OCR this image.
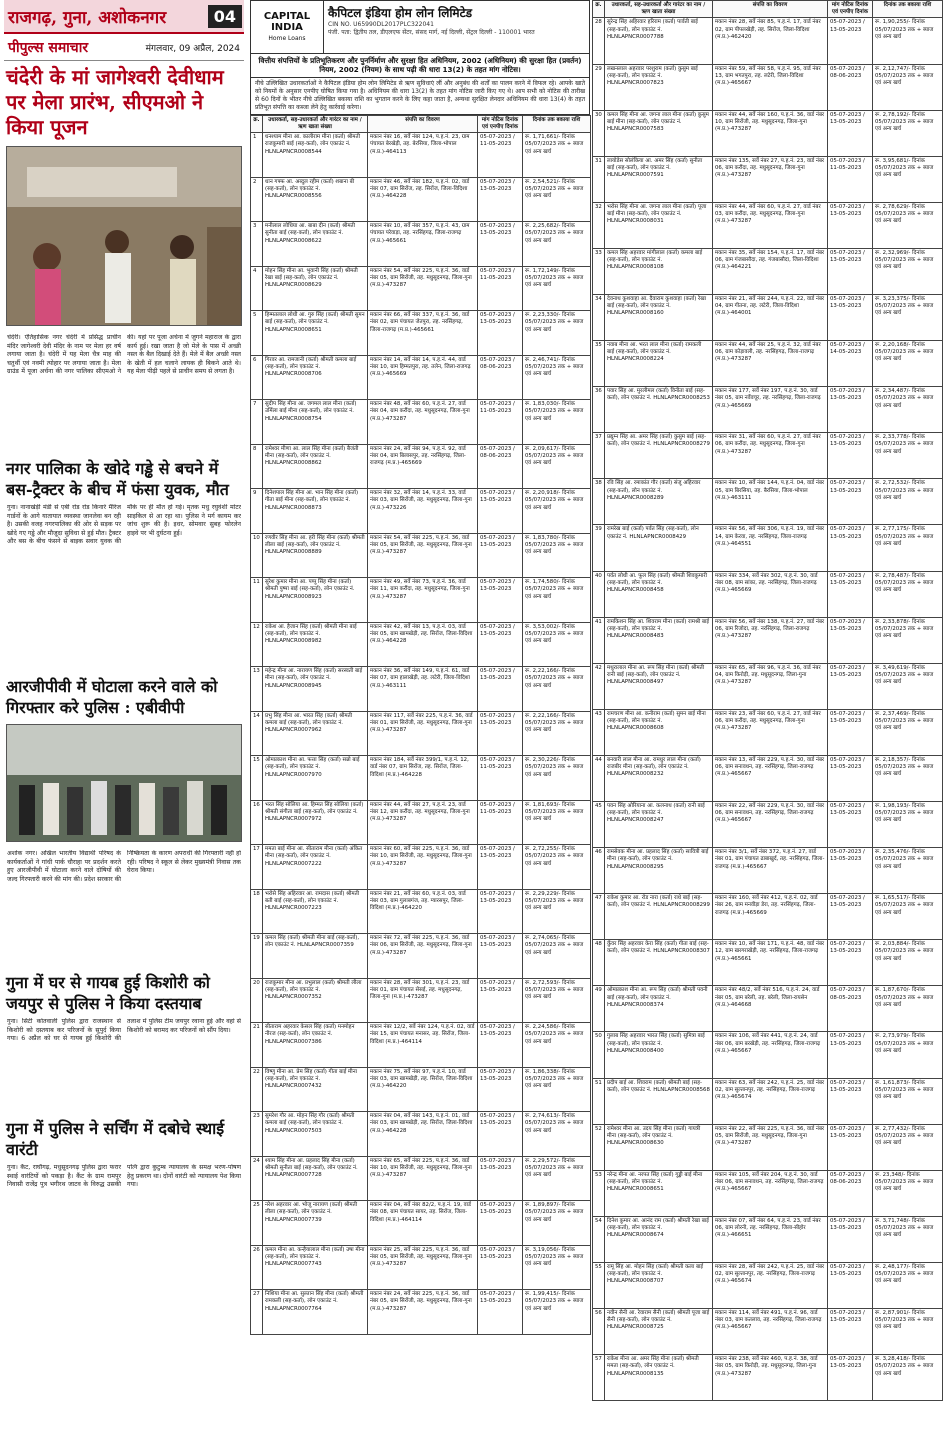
राजगढ़, गुना, अशोकनगर	04
पीपुल्स समाचार	मंगलवार, 09 अप्रैल, 2024
चंदेरी के मां जागेश्वरी देवीधाम पर मेला प्रारंभ, सीएमओ ने किया पूजन
चंदेरी। ऐतिहासिक नगर चंदेरी में प्रसिद्ध प्राचीन मंदिर जागेश्वरी देवी मंदिर के नाम पर मेला हर वर्ष लगाया जाता है। चंदेरी में यह मेला चैत्र माह की चतुर्थी एवं नवमी त्योहार पर लगाया जाता है। मेला ग्राउंड में पूजा अर्चना की नगर पालिका सीएमओ ने की। यहां पर पूजा अर्चना में जुगने महाराज के द्वारा कार्य हुई। रखा जाता है जो मेले के पास में अच्छी नस्ल के बैल दिखाई देते हैं। मेले में बैल अच्छी नस्ल के खेती में हल चलाने लायक ही बिकने आते थे। यह मेला पीढ़ी पहले से प्राचीन समय से लगता है।
नगर पालिका के खोदे गड्ढे से बचने में बस-ट्रैक्टर के बीच में फंसा युवक, मौत
गुना। नानाखेड़ी मंडी से एबी रोड रोड किनारे मैरिज गार्डनों के आगे यातायात व्यवस्था जानलेवा बन रही है। उसकी वजह नगरपालिका की ओर से सड़क पर खोदे गए गड्ढे और मौजूदा सुविधा से हुई मौत। ट्रैक्टर और बस के बीच फंसने से बाइक सवार युवक की मौके पर ही मौत हो गई। मृतक मधु रघुवंशी मोटर साइकिल से आ रहा था। पुलिस ने मर्ग कायम कर जांच शुरू की है। इधर, सोमवार सुबह फोरलेन हाइवे पर भी दुर्घटना हुई।
आरजीपीवी में घोटाला करने वाले को गिरफ्तार करे पुलिस : एबीवीपी
अशोक नगर। अखिल भारतीय विद्यार्थी परिषद के कार्यकर्ताओं ने गांधी पार्क चौराहा पर प्रदर्शन करते हुए आरजीपीवी में घोटाला करने वाले दोषियों की जल्द गिरफ्तारी करने की मांग की। प्रदेश सरकार की निष्क्रियता के कारण अपराधी की गिरफ्तारी नहीं हो रही। परिषद ने स्कूल से लेकर मुख्यमंत्री निवास तक घेराव किया।
गुना में घर से गायब हुई किशोरी को जयपुर से पुलिस ने किया दस्तयाब
गुना। सिटी कोतवाली पुलिस द्वारा राजस्थान से किशोरी को दस्तयाब कर परिजनों के सुपुर्द किया गया। 6 अप्रैल को घर से गायब हुई किशोरी की तलाश में पुलिस टीम जयपुर रवाना हुई और वहां से किशोरी को बरामद कर परिजनों को सौंप दिया।
गुना में पुलिस ने सर्चिंग में दबोचे स्थाई वारंटी
गुना। कैंट, राघौगढ़, मधुसूदनगढ़ पुलिस द्वारा फरार स्थाई वारंटियों को पकड़ा है। कैंट के ग्राम रामपुर निवासी राजेंद्र पुत्र भगीरथ जाटव के विरुद्ध उसकी पत्नि द्वारा कुटुम्ब न्यायालय के समक्ष भरण-पोषण हेतु प्रकरण था। दोनों वारंटी को न्यायालय पेश किया गया।
CAPITAL INDIA
Home Loans
कैपिटल इंडिया होम लोन लिमिटेड
CIN NO. U65990DL2017PLC322041
पंजी. पता: द्वितीय तल, डीएलएफ सेंटर, संसद मार्ग, नई दिल्ली, सेंट्रल दिल्ली - 110001 भारत
वित्तीय संपत्तियों के प्रतिभूतिकरण और पुनर्निर्माण और सुरक्षा हित अधिनियम, 2002 (अधिनियम) की सुरक्षा हित (प्रवर्तन) नियम, 2002 (नियम) के साथ पढ़ी की धारा 13(2) के तहत मांग नोटिस।
नीचे उल्लिखित उधारकर्ताओं ने कैपिटल इंडिया होम लोन लिमिटेड से ऋण सुविधाएं लीं और अनुबंध की शर्तों का पालन करने में विफल रहे। आपके खाते को नियमों के अनुसार एनपीए घोषित किया गया है। अधिनियम की धारा 13(2) के तहत मांग नोटिस जारी किए गए थे। आप सभी को नोटिस की तारीख से 60 दिनों के भीतर नीचे उल्लिखित बकाया राशि का भुगतान करने के लिए कहा जाता है, अन्यथा सुरक्षित लेनदार अधिनियम की धारा 13(4) के तहत प्रतिभूत संपत्ति का कब्जा लेने हेतु कार्रवाई करेगा।
क्र.	उधारकर्ता, सह-उधारकर्ता और गारंटर का नाम / ऋण खाता संख्या	संपत्ति का विवरण	मांग नोटिस दिनांक एवं एनपीए दिनांक	दिनांक तक बकाया राशि
1	धनश्याम मीना आ. कालीराम मीना (कर्ता) श्रीमती राजकुमारी बाई (सह-कर्ता), लोन एकाउंट नं. HLNLAPNCR0008544	मकान नंबर 16, सर्वे नंबर 124, प.ह.नं. 23, ग्राम पंचायत बेरखेड़ी, तह. बेरसिया, जिला-भोपाल (म.प्र.)-464113	05-07-2023 / 11-05-2023	रू. 1,71,661/- दिनांक 05/07/2023 तक + ब्याज एवं अन्य खर्च
2	धान गफ्फ आ. अब्दुल रहीम (कर्ता) शबाना बी (सह-कर्ता), लोन एकाउंट नं. HLNLAPNCR0008556	मकान नंबर 46, सर्वे नंबर 182, प.ह.नं. 02, वार्ड नंबर 07, ग्राम सिरोंज, तह. सिरोंज, जिला-विदिशा (म.प्र.)-464228	05-07-2023 / 13-05-2023	रू. 2,54,521/- दिनांक 05/07/2023 तक + ब्याज एवं अन्य खर्च
3	मनीलाल लोधिया आ. बाबा दीन (कर्ता) श्रीमती सुनीता बाई (सह-कर्ता), लोन एकाउंट नं. HLNLAPNCR0008622	मकान नंबर 10, सर्वे नंबर 357, प.ह.नं. 43, ग्राम पंचायत परेवाड़ा, तह. नरसिंहगढ़, जिला-राजगढ़ (म.प्र.)-465661	05-07-2023 / 13-05-2023	रू. 2,25,682/- दिनांक 05/07/2023 तक + ब्याज एवं अन्य खर्च
4	मोहन सिंह मीना आ. भुवानी सिंह (कर्ता) श्रीमती रेखा बाई (सह-कर्ता), लोन एकाउंट नं. HLNLAPNCR0008629	मकान नंबर 54, सर्वे नंबर 225, प.ह.नं. 36, वार्ड नंबर 05, ग्राम सिरोंजी, तह. मधुसूदनगढ़, जिला-गुना (म.प्र.)-473287	05-07-2023 / 11-05-2023	रू. 1,72,149/- दिनांक 05/07/2023 तक + ब्याज एवं अन्य खर्च
5	हिम्मतलाल लोधी आ. गुरु सिंह (कर्ता) श्रीमती सुमन बाई (सह-कर्ता), लोन एकाउंट नं. HLNLAPNCR0008651	मकान नंबर 66, सर्वे नंबर 337, प.ह.नं. 36, वार्ड नंबर 02, ग्राम पंचायत जेतपुरा, तह. नरसिंहगढ़, जिला-राजगढ़ (म.प्र.)-465661	05-07-2023 / 13-05-2023	रू. 2,23,330/- दिनांक 05/07/2023 तक + ब्याज एवं अन्य खर्च
6	गिरवर आ. रामजानी (कर्ता) श्रीमती कमला बाई (सह-कर्ता), लोन एकाउंट नं. HLNLAPNCR0008706	मकान नंबर 14, सर्वे नंबर 14, प.ह.नं. 44, वार्ड नंबर 10, ग्राम हिम्मतपुरा, तह. तलेन, जिला-राजगढ़ (म.प्र.)-465669	05-07-2023 / 08-06-2023	रू. 2,46,741/- दिनांक 05/07/2023 तक + ब्याज एवं अन्य खर्च
7	सुदीप सिंह मीना आ. जगमल लाल मीना (कर्ता) उर्मिला बाई मीना (सह-कर्ता), लोन एकाउंट नं. HLNLAPNCR0008754	मकान नंबर 48, सर्वे नंबर 60, प.ह.नं. 27, वार्ड नंबर 04, ग्राम करौंदा, तह. मधुसूदनगढ़, जिला-गुना (म.प्र.)-473287	05-07-2023 / 11-05-2023	रू. 1,83,030/- दिनांक 05/07/2023 तक + ब्याज एवं अन्य खर्च
8	रामेश्वर मीणा आ. लाल सिंह मीना (कर्ता) बैजंती मीना (सह-कर्ता), लोन एकाउंट नं. HLNLAPNCR0008862	मकान नंबर 24, सर्वे नंबर 94, प.ह.नं. 92, वार्ड नंबर 04, ग्राम बिलासपुर, तह. नरसिंहगढ़, जिला-राजगढ़ (म.प्र.)-465669	05-07-2023 / 08-06-2023	रू. 2,09,617/- दिनांक 05/07/2023 तक + ब्याज एवं अन्य खर्च
9	दिनेशपाल सिंह मीना आ. भान सिंह मीना (कर्ता) गीता बाई मीना (सह-कर्ता), लोन एकाउंट नं. HLNLAPNCR0008873	मकान नंबर 32, सर्वे नंबर 14, प.ह.नं. 33, वार्ड नंबर 03, ग्राम सिरोंजी, तह. मधुसूदनगढ़, जिला-गुना (म.प्र.)-473226	05-07-2023 / 13-05-2023	रू. 2,20,918/- दिनांक 05/07/2023 तक + ब्याज एवं अन्य खर्च
10	रणवीर सिंह मीना आ. हरी सिंह मीना (कर्ता) श्रीमती लीला बाई (सह-कर्ता), लोन एकाउंट नं. HLNLAPNCR0008889	मकान नंबर 54, सर्वे नंबर 225, प.ह.नं. 36, वार्ड नंबर 05, ग्राम सिरोंजी, तह. मधुसूदनगढ़, जिला-गुना (म.प्र.)-473287	05-07-2023 / 13-05-2023	रू. 1,83,780/- दिनांक 05/07/2023 तक + ब्याज एवं अन्य खर्च
11	सुरेश कुमार मीना आ. पप्पू सिंह मीना (कर्ता) श्रीमती पुष्पा बाई (सह-कर्ता), लोन एकाउंट नं. HLNLAPNCR0008923	मकान नंबर 49, सर्वे नंबर 73, प.ह.नं. 36, वार्ड नंबर 11, ग्राम करौंदा, तह. मधुसूदनगढ़, जिला-गुना (म.प्र.)-473287	05-07-2023 / 13-05-2023	रू. 1,74,580/- दिनांक 05/07/2023 तक + ब्याज एवं अन्य खर्च
12	राकेश आ. हैजान सिंह (कर्ता) श्रीमती मीना बाई (सह-कर्ता), लोन एकाउंट नं. HLNLAPNCR0008982	मकान नंबर 42, सर्वे नंबर 13, प.ह.नं. 03, वार्ड नंबर 05, ग्राम खामखेड़ी, तह. सिरोंज, जिला-विदिशा (म.प्र.)-464228	05-07-2023 / 13-05-2023	रू. 3,53,002/- दिनांक 05/07/2023 तक + ब्याज एवं अन्य खर्च
13	महेन्द्र मीना आ. नारायण सिंह (कर्ता) सरस्वती बाई मीना (सह-कर्ता), लोन एकाउंट नं. HLNLAPNCR0008945	मकान नंबर 36, सर्वे नंबर 149, प.ह.नं. 61, वार्ड नंबर 07, ग्राम हालाखेड़ी, तह. लटेरी, जिला-विदिशा (म.प्र.)-463111	05-07-2023 / 13-05-2023	रू. 2,22,166/- दिनांक 05/07/2023 तक + ब्याज एवं अन्य खर्च
14	प्रभु सिंह मीना आ. भारत सिंह (कर्ता) श्रीमती कमला बाई (सह-कर्ता), लोन एकाउंट नं. HLNLAPNCR0007962	मकान नंबर 117, सर्वे नंबर 225, प.ह.नं. 36, वार्ड नंबर 01, ग्राम सिरोंजी, तह. मधुसूदनगढ़, जिला-गुना (म.प्र.)-473287	05-07-2023 / 13-05-2023	रू. 2,22,166/- दिनांक 05/07/2023 तक + ब्याज एवं अन्य खर्च
15	ओमप्रकाश मीना आ. फत्ता सिंह (कर्ता) सन्नो बाई (सह-कर्ता), लोन एकाउंट नं. HLNLAPNCR0007970	मकान नंबर 184, सर्वे नंबर 399/1, प.ह.नं. 12, वार्ड नंबर 07, ग्राम सिरोंज, तह. सिरोंज, जिला-विदिशा (म.प्र.)-464228	05-07-2023 / 11-05-2023	रू. 2,30,226/- दिनांक 05/07/2023 तक + ब्याज एवं अन्य खर्च
16	भरत सिंह सोलिया आ. हिम्मत सिंह सोलिया (कर्ता) श्रीमती संगीता बाई (सह-कर्ता), लोन एकाउंट नं. HLNLAPNCR0007972	मकान नंबर 44, सर्वे नंबर 27, प.ह.नं. 23, वार्ड नंबर 12, ग्राम करौंदा, तह. मधुसूदनगढ़, जिला-गुना (म.प्र.)-473287	05-07-2023 / 11-05-2023	रू. 1,81,693/- दिनांक 05/07/2023 तक + ब्याज एवं अन्य खर्च
17	ममता बाई मीना आ. सीताराम मीना (कर्ता) अंकित मीना (सह-कर्ता), लोन एकाउंट नं. HLNLAPNCR0007222	मकान नंबर 60, सर्वे नंबर 225, प.ह.नं. 36, वार्ड नंबर 10, ग्राम सिरोंजी, तह. मधुसूदनगढ़, जिला-गुना (म.प्र.)-473287	05-07-2023 / 13-05-2023	रू. 2,72,255/- दिनांक 05/07/2023 तक + ब्याज एवं अन्य खर्च
18	भरोसे सिंह अहिरवार आ. रामदास (कर्ता) श्रीमती बती बाई (सह-कर्ता), लोन एकाउंट नं. HLNLAPNCR0007223	मकान नंबर 21, सर्वे नंबर 60, प.ह.नं. 03, वार्ड नंबर 03, ग्राम गुलाबगंज, तह. ग्यारसपुर, जिला-विदिशा (म.प्र.)-464220	05-07-2023 / 13-05-2023	रू. 2,29,229/- दिनांक 05/07/2023 तक + ब्याज एवं अन्य खर्च
19	कमल सिंह (कर्ता) श्रीमती मीना बाई (सह-कर्ता), लोन एकाउंट नं. HLNLAPNCR0007359	मकान नंबर 72, सर्वे नंबर 225, प.ह.नं. 36, वार्ड नंबर 06, ग्राम सिरोंजी, तह. मधुसूदनगढ़, जिला-गुना (म.प्र.)-473287	05-07-2023 / 13-05-2023	रू. 2,74,065/- दिनांक 05/07/2023 तक + ब्याज एवं अन्य खर्च
20	राजकुमार मीना आ. प्रभुलाल (कर्ता) श्रीमती लीला (सह-कर्ता), लोन एकाउंट नं. HLNLAPNCR0007352	मकान नंबर 28, सर्वे नंबर 301, प.ह.नं. 23, वार्ड नंबर 01, ग्राम पंचायत सेसई, तह. मधुसूदनगढ़, जिला-गुना (म.प्र.)-473287	05-07-2023 / 13-05-2023	रू. 2,72,593/- दिनांक 05/07/2023 तक + ब्याज एवं अन्य खर्च
21	सीताराम अहरवार केसल सिंह (कर्ता) मनमोहन नीरज (सह-कर्ता), लोन एकाउंट नं. HLNLAPNCR0007386	मकान नंबर 12/2, सर्वे नंबर 124, प.ह.नं. 02, वार्ड नंबर 15, ग्राम पंचायत मनासर, तह. सिरोंज, जिला-विदिशा (म.प्र.)-464114	05-07-2023 / 13-05-2023	रू. 2,24,586/- दिनांक 05/07/2023 तक + ब्याज एवं अन्य खर्च
22	विष्णु मीना आ. प्रेम सिंह (कर्ता) गीता बाई मीना (सह-कर्ता), लोन एकाउंट नं. HLNLAPNCR0007432	मकान नंबर 75, सर्वे नंबर 97, प.ह.नं. 10, वार्ड नंबर 03, ग्राम खामखेड़ी, तह. सिरोंज, जिला-विदिशा (म.प्र.)-464220	05-07-2023 / 13-05-2023	रू. 1,86,338/- दिनांक 05/07/2023 तक + ब्याज एवं अन्य खर्च
23	सुमरेश गौर आ. मोहन सिंह गौर (कर्ता) श्रीमती कमला बाई (सह-कर्ता), लोन एकाउंट नं. HLNLAPNCR0007503	मकान नंबर 04, सर्वे नंबर 143, प.ह.नं. 01, वार्ड नंबर 03, ग्राम खामखेड़ी, तह. सिरोंज, जिला-विदिशा (म.प्र.)-464228	05-07-2023 / 13-05-2023	रू. 2,74,613/- दिनांक 05/07/2023 तक + ब्याज एवं अन्य खर्च
24	श्याम सिंह मीना आ. प्रहलाद सिंह मीना (कर्ता) श्रीमती सुनीता बाई (सह-कर्ता), लोन एकाउंट नं. HLNLAPNCR0007728	मकान नंबर 65, सर्वे नंबर 225, प.ह.नं. 36, वार्ड नंबर 10, ग्राम सिरोंजी, तह. मधुसूदनगढ़, जिला-गुना (म.प्र.)-473287	05-07-2023 / 13-05-2023	रू. 2,29,572/- दिनांक 05/07/2023 तक + ब्याज एवं अन्य खर्च
25	नरेश अहरवार आ. भोजू नारायण (कर्ता) श्रीमती लीला (सह-कर्ता), लोन एकाउंट नं. HLNLAPNCR0007739	मकान नंबर 04, सर्वे नंबर 82/2, प.ह.नं. 19, वार्ड नंबर 08, ग्राम पंचायत सायर, तह. सिरोंज, जिला-विदिशा (म.प्र.)-464114	05-07-2023 / 13-05-2023	रू. 1,89,897/- दिनांक 05/07/2023 तक + ब्याज एवं अन्य खर्च
26	कमल मीना आ. कन्हैयालाल मीना (कर्ता) उषा मीना (सह-कर्ता), लोन एकाउंट नं. HLNLAPNCR0007743	मकान नंबर 25, सर्वे नंबर 225, प.ह.नं. 36, वार्ड नंबर 05, ग्राम सिरोंजी, तह. मधुसूदनगढ़, जिला-गुना (म.प्र.)-473287	05-07-2023 / 13-05-2023	रू. 3,19,056/- दिनांक 05/07/2023 तक + ब्याज एवं अन्य खर्च
27	निशिया मीना आ. सुल्तान सिंह मीना (कर्ता) श्रीमती रामकली (सह-कर्ता), लोन एकाउंट नं. HLNLAPNCR0007764	मकान नंबर 24, सर्वे नंबर 225, प.ह.नं. 36, वार्ड नंबर 05, ग्राम सिरोंजी, तह. मधुसूदनगढ़, जिला-गुना (म.प्र.)-473287	05-07-2023 / 13-05-2023	रू. 1,99,415/- दिनांक 05/07/2023 तक + ब्याज एवं अन्य खर्च
क्र.	उधारकर्ता, सह-उधारकर्ता और गारंटर का नाम / ऋण खाता संख्या	संपत्ति का विवरण	मांग नोटिस दिनांक एवं एनपीए दिनांक	दिनांक तक बकाया राशि
28	सुरेन्द्र सिंह अहिरवार हरिराम (कर्ता) पार्वती बाई (सह-कर्ता), लोन एकाउंट नं. HLNLAPNCR0007788	मकान नंबर 28, सर्वे नंबर 85, प.ह.नं. 17, वार्ड नंबर 02, ग्राम पीपलखेड़ी, तह. सिरोंज, जिला-विदिशा (म.प्र.)-462420	05-07-2023 / 13-05-2023	रू. 1,90,255/- दिनांक 05/07/2023 तक + ब्याज एवं अन्य खर्च
29	लखनलाल अहरवार परशुराम (कर्ता) कुसुम बाई (सह-कर्ता), लोन एकाउंट नं. HLNLAPNCR0007823	मकान नंबर 59, सर्वे नंबर 58, प.ह.नं. 95, वार्ड नंबर 13, ग्राम भगतपुरा, तह. लटेरी, जिला-विदिशा (म.प्र.)-465667	05-07-2023 / 08-06-2023	रू. 2,12,747/- दिनांक 05/07/2023 तक + ब्याज एवं अन्य खर्च
30	कमल सिंह मीना आ. जगना लाल मीना (कर्ता) कुसुम बाई मीना (सह-कर्ता), लोन एकाउंट नं. HLNLAPNCR0007583	मकान नंबर 44, सर्वे नंबर 160, प.ह.नं. 36, वार्ड नंबर 10, ग्राम सिरोंजी, तह. मधुसूदनगढ़, जिला-गुना (म.प्र.)-473287	05-07-2023 / 13-05-2023	रू. 2,78,192/- दिनांक 05/07/2023 तक + ब्याज एवं अन्य खर्च
31	लायोडेस सोलंकिया आ. अमर सिंह (कर्ता) सुनीता बाई (सह-कर्ता), लोन एकाउंट नं. HLNLAPNCR0007591	मकान नंबर 135, सर्वे नंबर 27, प.ह.नं. 23, वार्ड नंबर 06, ग्राम करौंदा, तह. मधुसूदनगढ़, जिला-गुना (म.प्र.)-473287	05-07-2023 / 11-05-2023	रू. 3,95,681/- दिनांक 05/07/2023 तक + ब्याज एवं अन्य खर्च
32	भरोस सिंह मीना आ. जगना लाल मीना (कर्ता) पूजा बाई मीना (सह-कर्ता), लोन एकाउंट नं. HLNLAPNCR0008031	मकान नंबर 44, सर्वे नंबर 60, प.ह.नं. 27, वार्ड नंबर 03, ग्राम करौंदा, तह. मधुसूदनगढ़, जिला-गुना (म.प्र.)-473287	05-07-2023 / 13-05-2023	रू. 2,78,629/- दिनांक 05/07/2023 तक + ब्याज एवं अन्य खर्च
33	कमल सिंह अहरवार मांगीलाल (कर्ता) कमला बाई (सह-कर्ता), लोन एकाउंट नं. HLNLAPNCR0008108	मकान नंबर 35, सर्वे नंबर 154, प.ह.नं. 17, वार्ड नंबर 06, ग्राम गंजबासौदा, तह. गंजबासौदा, जिला-विदिशा (म.प्र.)-464221	05-07-2023 / 13-05-2023	रू. 2,32,969/- दिनांक 05/07/2023 तक + ब्याज एवं अन्य खर्च
34	देवनाथ कुशवाहा आ. दैवाराम कुशवाहा (कर्ता) रेखा बाई (सह-कर्ता), लोन एकाउंट नं. HLNLAPNCR0008160	मकान नंबर 21, सर्वे नंबर 244, प.ह.नं. 22, वार्ड नंबर 04, ग्राम गीतना, तह. लटेरी, जिला-विदिशा (म.प्र.)-464001	05-07-2023 / 13-05-2023	रू. 3,23,375/- दिनांक 05/07/2023 तक + ब्याज एवं अन्य खर्च
35	नवाब मीना आ. भरत लाल मीना (कर्ता) रामकली बाई (सह-कर्ता), लोन एकाउंट नं. HLNLAPNCR0008224	मकान नंबर 44, सर्वे नंबर 25, प.ह.नं. 32, वार्ड नंबर 06, ग्राम कोड़ावली, तह. नरसिंहगढ़, जिला-राजगढ़ (म.प्र.)-473287	05-07-2023 / 14-05-2023	रू. 2,20,168/- दिनांक 05/07/2023 तक + ब्याज एवं अन्य खर्च
36	पवार सिंह आ. मुरलीमल (कर्ता) विनीता बाई (सह-कर्ता), लोन एकाउंट नं. HLNLAPNCR0008253	मकान नंबर 177, सर्वे नंबर 197, प.ह.नं. 30, वार्ड नंबर 05, ग्राम नर्वेवचूर, तह. नरसिंहगढ़, जिला-राजगढ़ (म.प्र.)-465669	05-07-2023 / 13-05-2023	रू. 2,34,487/- दिनांक 05/07/2023 तक + ब्याज एवं अन्य खर्च
37	प्रद्युम्न सिंह आ. अमर सिंह (कर्ता) कुसुम बाई (सह-कर्ता), लोन एकाउंट नं. HLNLAPNCR0008279	मकान नंबर 31, सर्वे नंबर 60, प.ह.नं. 27, वार्ड नंबर 06, ग्राम करौंदा, तह. मधुसूदनगढ़, जिला-गुना (म.प्र.)-473287	05-07-2023 / 13-05-2023	रू. 2,33,778/- दिनांक 05/07/2023 तक + ब्याज एवं अन्य खर्च
38	रवि सिंह आ. रमाकांत गौर (कर्ता) संजू अहिरवार (सह-कर्ता), लोन एकाउंट नं. HLNLAPNCR0008289	मकान नंबर 10, सर्वे नंबर 144, प.ह.नं. 04, वार्ड नंबर 05, ग्राम बिरसिया, तह. बैरसिया, जिला-भोपाल (म.प्र.)-463111	05-07-2023 / 13-05-2023	रू. 2,72,532/- दिनांक 05/07/2023 तक + ब्याज एवं अन्य खर्च
39	रामरेख बाई (कर्ता) पर्वत सिंह (सह-कर्ता), लोन एकाउंट नं. HLNLAPNCR0008429	मकान नंबर 56, सर्वे नंबर 306, प.ह.नं. 19, वार्ड नंबर 14, ग्राम केरवा, तह. नरसिंहगढ़, जिला-राजगढ़ (म.प्र.)-464551	05-07-2023 / 13-05-2023	रू. 2,77,175/- दिनांक 05/07/2023 तक + ब्याज एवं अन्य खर्च
40	पर्वत लोधी आ. फूल सिंह (कर्ता) श्रीमती शिवकुमारी (सह-कर्ता), लोन एकाउंट नं. HLNLAPNCR0008458	मकान नंबर 334, सर्वे नंबर 302, प.ह.नं. 30, वार्ड नंबर 08, ग्राम सांका, तह. नरसिंहगढ़, जिला-राजगढ़ (म.प्र.)-465669	05-07-2023 / 13-05-2023	रू. 2,78,487/- दिनांक 05/07/2023 तक + ब्याज एवं अन्य खर्च
41	रामकिशन सिंह आ. शिवराम मीना (कर्ता) रामश्री बाई (सह-कर्ता), लोन एकाउंट नं. HLNLAPNCR0008483	मकान नंबर 56, सर्वे नंबर 138, प.ह.नं. 27, वार्ड नंबर 06, ग्राम रिजोदा, तह. नरसिंहगढ़, जिला-राजगढ़ (म.प्र.)-473287	05-07-2023 / 13-05-2023	रू. 2,33,878/- दिनांक 05/07/2023 तक + ब्याज एवं अन्य खर्च
42	मथुरालाल मीना आ. रूप सिंह मीना (कर्ता) श्रीमती रानी बाई (सह-कर्ता), लोन एकाउंट नं. HLNLAPNCR0008497	मकान नंबर 65, सर्वे नंबर 96, प.ह.नं. 36, वार्ड नंबर 04, ग्राम किरोड़ी, तह. मधुसूदनगढ़, जिला-गुना (म.प्र.)-473287	05-07-2023 / 13-05-2023	रू. 3,49,619/- दिनांक 05/07/2023 तक + ब्याज एवं अन्य खर्च
43	रामचरण मीना आ. कनीराम (कर्ता) सुमन बाई मीना (सह-कर्ता), लोन एकाउंट नं. HLNLAPNCR0008608	मकान नंबर 23, सर्वे नंबर 60, प.ह.नं. 27, वार्ड नंबर 06, ग्राम करौंदा, तह. मधुसूदनगढ़, जिला-गुना (म.प्र.)-473287	05-07-2023 / 13-05-2023	रू. 2,37,469/- दिनांक 05/07/2023 तक + ब्याज एवं अन्य खर्च
44	बनवारी लाल मीना आ. रामधुर लाल मीना (कर्ता) राजबीर मीना (सह-कर्ता), लोन एकाउंट नं. HLNLAPNCR0008232	मकान नंबर 13, सर्वे नंबर 229, प.ह.नं. 30, वार्ड नंबर 06, ग्राम सनावधन, तह. नरसिंहगढ़, जिला-राजगढ़ (म.प्र.)-465667	05-07-2023 / 13-05-2023	रू. 2,18,357/- दिनांक 05/07/2023 तक + ब्याज एवं अन्य खर्च
45	पवन सिंह ओरियाना आ. कलनाथ (कर्ता) रानी बाई (सह-कर्ता), लोन एकाउंट नं. HLNLAPNCR0008247	मकान नंबर 22, सर्वे नंबर 229, प.ह.नं. 30, वार्ड नंबर 06, ग्राम सनावधन, तह. नरसिंहगढ़, जिला-राजगढ़ (म.प्र.)-465667	05-07-2023 / 13-05-2023	रू. 1,98,193/- दिनांक 05/07/2023 तक + ब्याज एवं अन्य खर्च
46	रामसेवक मीना आ. प्रहलाद सिंह (कर्ता) सावित्री बाई मीना (सह-कर्ता), लोन एकाउंट नं. HLNLAPNCR0008295	मकान नंबर 3/1, सर्वे नंबर 372, प.ह.नं. 27, वार्ड नंबर 01, ग्राम पंचायत ढाबाखुर्द, तह. नरसिंहगढ़, जिला-राजगढ़ (म.प्र.)-465667	05-07-2023 / 13-05-2023	रू. 2,35,476/- दिनांक 05/07/2023 तक + ब्याज एवं अन्य खर्च
47	राकेश कुमार आ. रोड नारा (कर्ता) राधे बाई (सह-कर्ता), लोन एकाउंट नं. HLNLAPNCR0008299	मकान नंबर 160, सर्वे नंबर 412, प.ह.नं. 02, वार्ड नंबर 26, ग्राम मनवीड़ा डेरा, तह. नरसिंहगढ़, जिला-राजगढ़ (म.प्र.)-465669	05-07-2023 / 13-05-2023	रू. 1,65,517/- दिनांक 05/07/2023 तक + ब्याज एवं अन्य खर्च
48	कुँवर सिंह अहरवार केरा सिंह (कर्ता) गीता बाई (सह-कर्ता), लोन एकाउंट नं. HLNLAPNCR0008307	मकान नंबर 10, सर्वे नंबर 171, प.ह.नं. 48, वार्ड नंबर 12, ग्राम खरगराखेड़ी, तह. नरसिंहगढ़, जिला-राजगढ़ (म.प्र.)-465661	05-07-2023 / 13-05-2023	रू. 2,03,884/- दिनांक 05/07/2023 तक + ब्याज एवं अन्य खर्च
49	ओमप्रकाश मीना आ. रूप सिंह (कर्ता) श्रीमती पवनी बाई (सह-कर्ता), लोन एकाउंट नं. HLNLAPNCR0008374	मकान नंबर 48/2, सर्वे नंबर 516, प.ह.नं. 24, वार्ड नंबर 05, ग्राम बरेली, तह. बरेली, जिला-रायसेन (म.प्र.)-464668	05-07-2023 / 08-05-2023	रू. 1,87,670/- दिनांक 05/07/2023 तक + ब्याज एवं अन्य खर्च
50	गुलाब सिंह अहरवार भारत सिंह (कर्ता) सुमित्रा बाई (सह-कर्ता), लोन एकाउंट नं. HLNLAPNCR0008400	मकान नंबर 106, सर्वे नंबर 441, प.ह.नं. 24, वार्ड नंबर 06, ग्राम बरखेड़ी, तह. नरसिंहगढ़, जिला-राजगढ़ (म.प्र.)-465667	05-07-2023 / 13-05-2023	रू. 2,73,979/- दिनांक 05/07/2023 तक + ब्याज एवं अन्य खर्च
51	प्रदीप बाई आ. शिवराम (कर्ता) श्रीमती बाई (सह-कर्ता), लोन एकाउंट नं. HLNLAPNCR0008568	मकान नंबर 63, सर्वे नंबर 242, प.ह.नं. 25, वार्ड नंबर 02, ग्राम सुल्तानपुर, तह. नरसिंहगढ़, जिला-राजगढ़ (म.प्र.)-465674	05-07-2023 / 13-05-2023	रू. 1,61,873/- दिनांक 05/07/2023 तक + ब्याज एवं अन्य खर्च
52	रामेश्वर मीना आ. उदय सिंह मीना (कर्ता) गायत्री मीना (सह-कर्ता), लोन एकाउंट नं. HLNLAPNCR0008630	मकान नंबर 22, सर्वे नंबर 225, प.ह.नं. 36, वार्ड नंबर 05, ग्राम सिरोंजी, तह. मधुसूदनगढ़, जिला-गुना (म.प्र.)-473287	05-07-2023 / 13-05-2023	रू. 2,77,432/- दिनांक 05/07/2023 तक + ब्याज एवं अन्य खर्च
53	नरेन्द्र मीना आ. नरपत सिंह (कर्ता) गुड्डी बाई मीना (सह-कर्ता), लोन एकाउंट नं. HLNLAPNCR0008651	मकान नंबर 105, सर्वे नंबर 204, प.ह.नं. 30, वार्ड नंबर 06, ग्राम सनावधन, तह. नरसिंहगढ़, जिला-राजगढ़ (म.प्र.)-465667	05-07-2023 / 08-06-2023	रू. 23,348/- दिनांक 05/07/2023 तक + ब्याज एवं अन्य खर्च
54	दिनेश कुमार आ. आनंद राम (कर्ता) श्रीमती रेखा बाई (सह-कर्ता), लोन एकाउंट नं. HLNLAPNCR0008674	मकान नंबर 07, सर्वे नंबर 64, प.ह.नं. 23, वार्ड नंबर 06, ग्राम लोरनी, तह. नरसिंहगढ़, जिला-सीहोर (म.प्र.)-466651	05-07-2023 / 13-05-2023	रू. 3,71,748/- दिनांक 05/07/2023 तक + ब्याज एवं अन्य खर्च
55	रामू सिंह आ. मोहन सिंह (कर्ता) श्रीमती कला बाई (सह-कर्ता), लोन एकाउंट नं. HLNLAPNCR0008707	मकान नंबर 28, सर्वे नंबर 242, प.ह.नं. 25, वार्ड नंबर 02, ग्राम सुल्तानपुर, तह. नरसिंहगढ़, जिला-राजगढ़ (म.प्र.)-465674	05-07-2023 / 13-05-2023	रू. 2,48,177/- दिनांक 05/07/2023 तक + ब्याज एवं अन्य खर्च
56	नवीन सैनी आ. रेवाराम सैनी (कर्ता) श्रीमती पूजा बाई सैनी (सह-कर्ता), लोन एकाउंट नं. HLNLAPNCR0008725	मकान नंबर 114, सर्वे नंबर 491, प.ह.नं. 96, वार्ड नंबर 03, ग्राम कतलाव, तह. नरसिंहगढ़, जिला-राजगढ़ (म.प्र.)-465667	05-07-2023 / 13-05-2023	रू. 2,87,901/- दिनांक 05/07/2023 तक + ब्याज एवं अन्य खर्च
57	राकेश मीना आ. अमर सिंह मीना (कर्ता) श्रीमती ममता (सह-कर्ता), लोन एकाउंट नं. HLNLAPNCR0008135	मकान नंबर 238, सर्वे नंबर 460, प.ह.नं. 38, वार्ड नंबर 05, ग्राम किरोड़ी, तह. मधुसूदनगढ़, जिला-गुना (म.प्र.)-473287	05-07-2023 / 13-05-2023	रू. 3,28,418/- दिनांक 05/07/2023 तक + ब्याज एवं अन्य खर्च
